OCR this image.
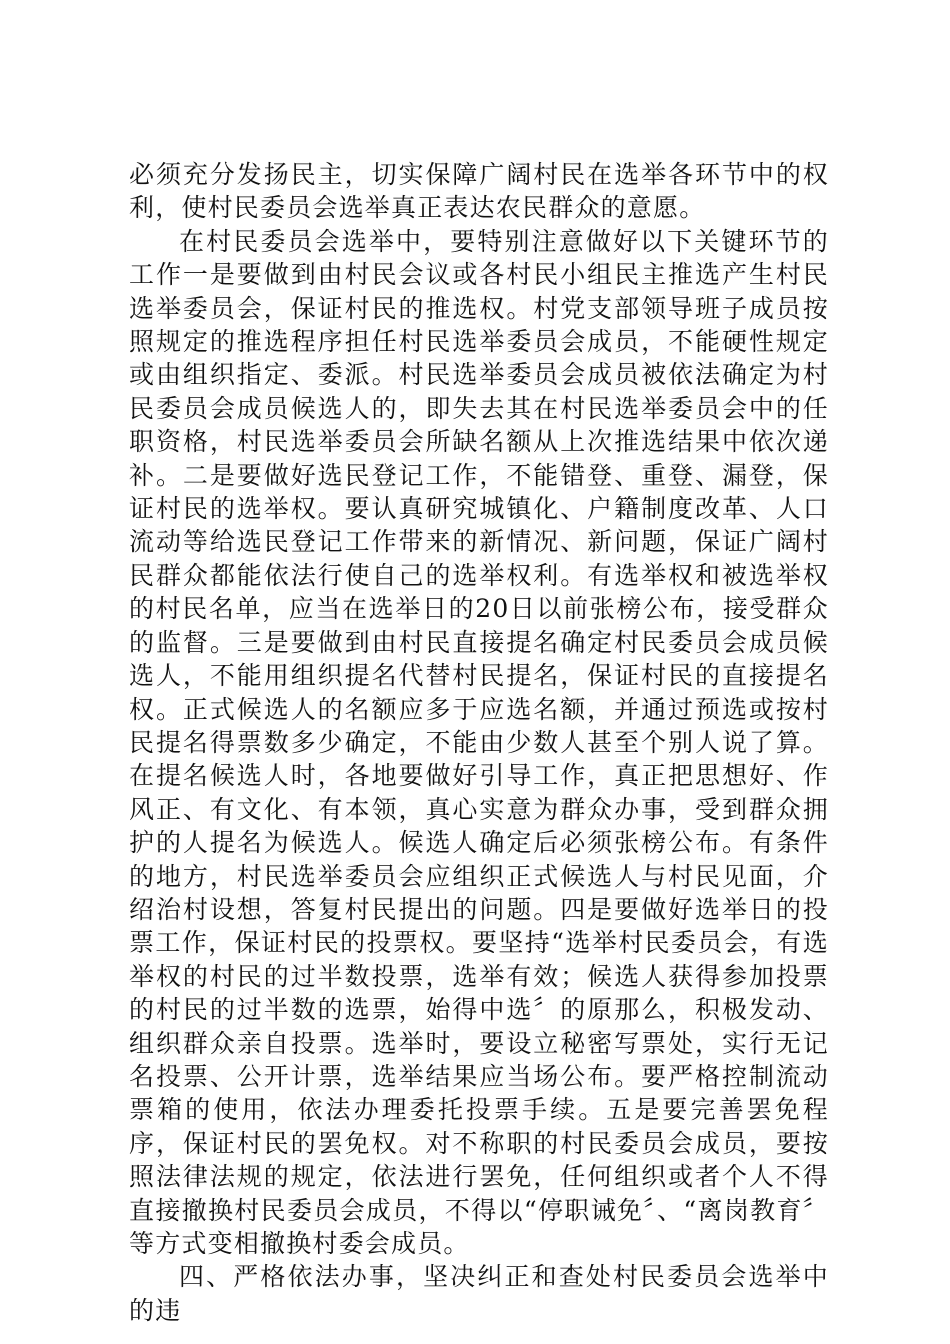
必须充分发扬民主，切实保障广阔村民在选举各环节中的权利，使村民委员会选举真正表达农民群众的意愿。

在村民委员会选举中，要特别注意做好以下关键环节的工作一是要做到由村民会议或各村民小组民主推选产生村民选举委员会，保证村民的推选权。村党支部领导班子成员按照规定的推选程序担任村民选举委员会成员，不能硬性规定或由组织指定、委派。村民选举委员会成员被依法确定为村民委员会成员候选人的，即失去其在村民选举委员会中的任职资格，村民选举委员会所缺名额从上次推选结果中依次递补。二是要做好选民登记工作，不能错登、重登、漏登，保证村民的选举权。要认真研究城镇化、户籍制度改革、人口流动等给选民登记工作带来的新情况、新问题，保证广阔村民群众都能依法行使自己的选举权利。有选举权和被选举权的村民名单，应当在选举日的20日以前张榜公布，接受群众的监督。三是要做到由村民直接提名确定村民委员会成员候选人，不能用组织提名代替村民提名，保证村民的直接提名权。正式候选人的名额应多于应选名额，并通过预选或按村民提名得票数多少确定，不能由少数人甚至个别人说了算。在提名候选人时，各地要做好引导工作，真正把思想好、作风正、有文化、有本领，真心实意为群众办事，受到群众拥护的人提名为候选人。候选人确定后必须张榜公布。有条件的地方，村民选举委员会应组织正式候选人与村民见面，介绍治村设想，答复村民提出的问题。四是要做好选举日的投票工作，保证村民的投票权。要坚持“选举村民委员会，有选举权的村民的过半数投票，选举有效；候选人获得参加投票的村民的过半数的选票，始得中选〞的原那么，积极发动、组织群众亲自投票。选举时，要设立秘密写票处，实行无记名投票、公开计票，选举结果应当场公布。要严格控制流动票箱的使用，依法办理委托投票手续。五是要完善罢免程序，保证村民的罢免权。对不称职的村民委员会成员，要按照法律法规的规定，依法进行罢免，任何组织或者个人不得直接撤换村民委员会成员，不得以“停职诫免〞、“离岗教育〞等方式变相撤换村委会成员。

四、严格依法办事，坚决纠正和查处村民委员会选举中的违
